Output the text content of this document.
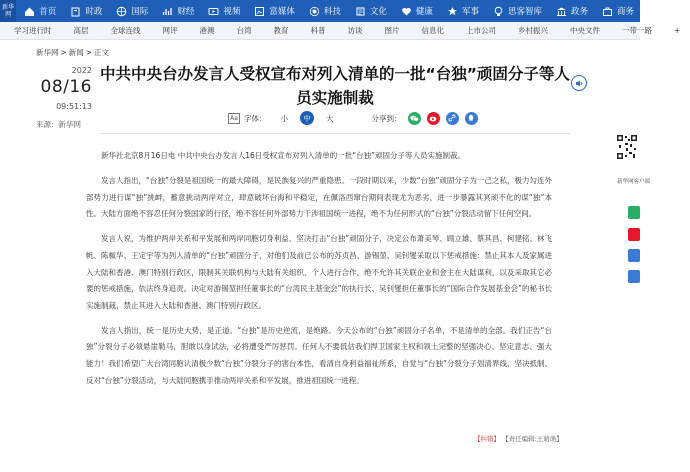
新华网	首页	时政	国际	财经	视频	富媒体	科技	文化	健康	军事	思客智库	政务	商务
学习进行时	高层	全球连线	网评	港澳	台湾	教育	科普	访谈	图片	信息化	上市公司	乡村振兴	中央文件	一带一路	+
新华网 > 新闻 > 正文
2022
08/16
09:51:13
来源：新华网
中共中央台办发言人受权宣布对列入清单的一批“台独”顽固分子等人员实施制裁
Aa 字体： 小	中	大	分享到：

新华社北京8月16日电 中共中央台办发言人16日受权宣布对列入清单的一批“台独”顽固分子等人员实施制裁。

发言人指出，“台独”分裂是祖国统一的最大障碍，是民族复兴的严重隐患。一段时期以来，少数“台独”顽固分子为一己之私，极力勾连外部势力进行谋“独”挑衅，蓄意挑动两岸对立，肆意破坏台海和平稳定，在佩洛西窜台期间表现尤为恶劣，进一步暴露其冥顽不化的谋“独”本性。大陆方面绝不容忍任何分裂国家的行径，绝不容任何外部势力干涉祖国统一进程，绝不为任何形式的“台独”分裂活动留下任何空间。

发言人说，为维护两岸关系和平发展和两岸同胞切身利益、坚决打击“台独”顽固分子，决定公布萧美琴、顾立雄、蔡其昌、柯建铭、林飞帆、陈椒华、王定宇等为列入清单的“台独”顽固分子，对他们及前已公布的苏贞昌、游锡堃、吴钊燮采取以下惩戒措施：禁止其本人及家属进入大陆和香港、澳门特别行政区，限制其关联机构与大陆有关组织、个人进行合作，绝不允许其关联企业和金主在大陆谋利，以及采取其它必要的惩戒措施，依法终身追责。决定对游锡堃担任董事长的“台湾民主基金会”的执行长、吴钊燮担任董事长的“国际合作发展基金会”的秘书长实施制裁，禁止其进入大陆和香港、澳门特别行政区。

发言人指出，统一是历史大势，是正道。“台独”是历史逆流，是绝路。今天公布的“台独”顽固分子名单，不是清单的全部。我们正告“台独”分裂分子必须悬崖勒马，胆敢以身试法，必将遭受严厉惩罚。任何人不要低估我们捍卫国家主权和领土完整的坚强决心、坚定意志、强大能力！我们希望广大台湾同胞认清极少数“台独”分裂分子的害台本性，看清自身利益福祉所系，自觉与“台独”分裂分子划清界线，坚决抵制、反对“台独”分裂活动，与大陆同胞携手推动两岸关系和平发展，推进祖国统一进程。

【纠错】 【责任编辑:王萌萌】
新华网客户端
